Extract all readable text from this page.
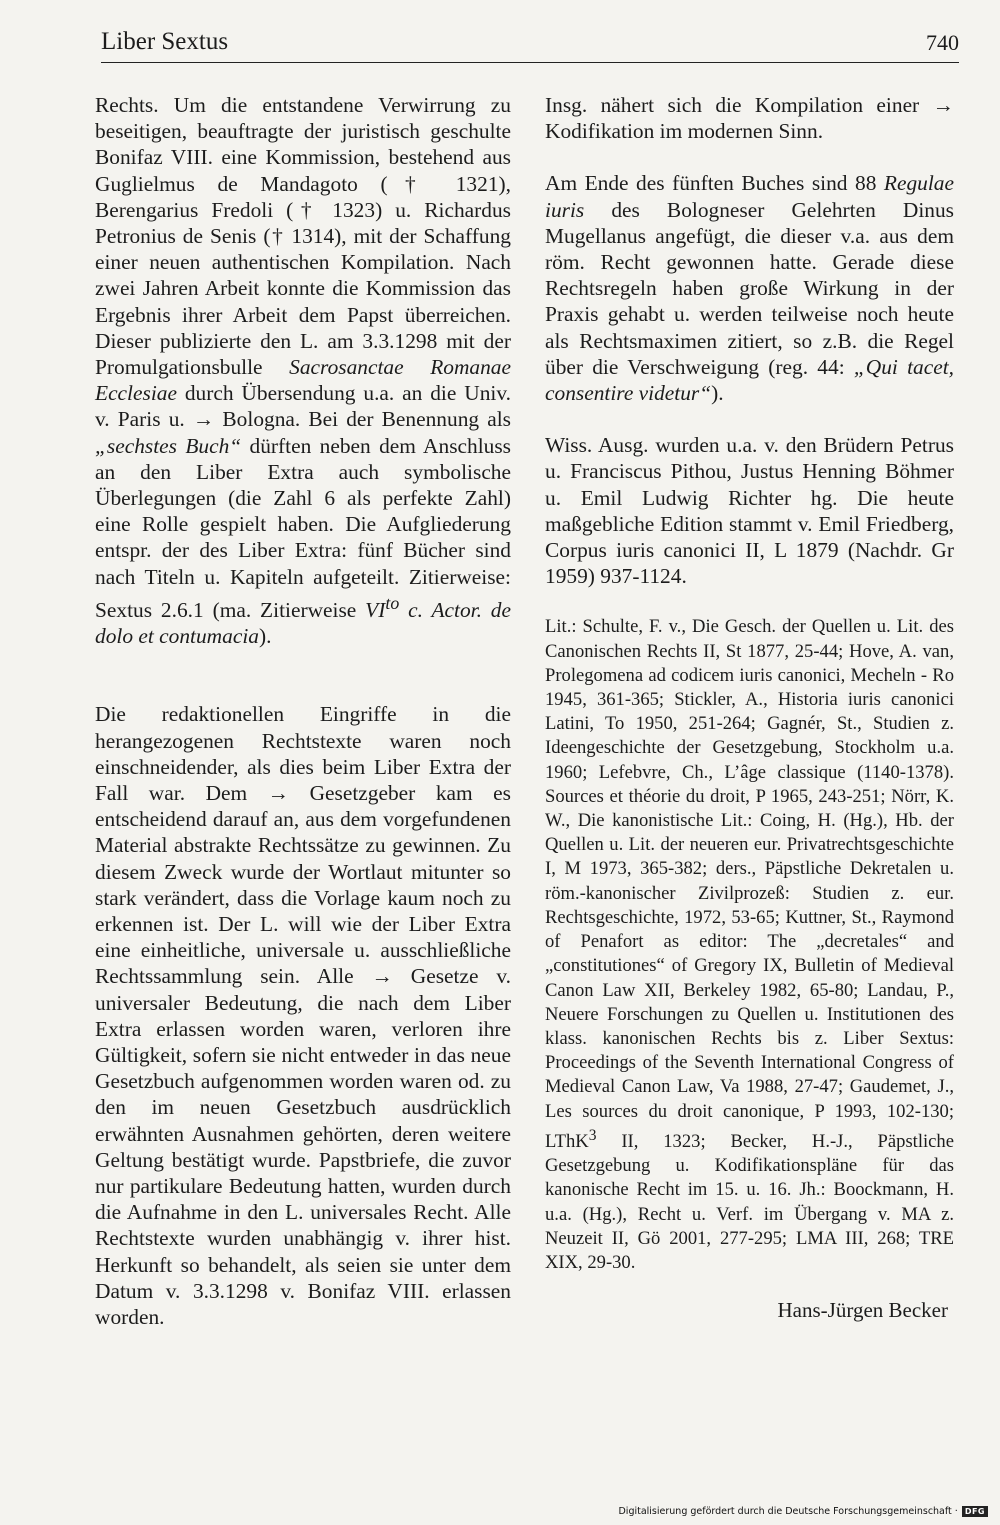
Liber Sextus	740

Rechts. Um die entstandene Verwirrung zu beseitigen, beauftragte der juristisch geschulte Bonifaz VIII. eine Kommission, bestehend aus Guglielmus de Mandagoto († 1321), Berengarius Fredoli († 1323) u. Richardus Petronius de Senis († 1314), mit der Schaffung einer neuen authentischen Kompilation. Nach zwei Jahren Arbeit konnte die Kommission das Ergebnis ihrer Arbeit dem Papst überreichen. Dieser publizierte den L. am 3.3.1298 mit der Promulgationsbulle Sacrosanctae Romanae Ecclesiae durch Übersendung u.a. an die Univ. v. Paris u. → Bologna. Bei der Benennung als „sechstes Buch“ dürften neben dem Anschluss an den Liber Extra auch symbolische Überlegungen (die Zahl 6 als perfekte Zahl) eine Rolle gespielt haben. Die Aufgliederung entspr. der des Liber Extra: fünf Bücher sind nach Titeln u. Kapiteln aufgeteilt. Zitierweise: Sextus 2.6.1 (ma. Zitierweise $VI^{to}$ c. Actor. de dolo et contumacia).

Die redaktionellen Eingriffe in die herangezogenen Rechtstexte waren noch einschneidender, als dies beim Liber Extra der Fall war. Dem → Gesetzgeber kam es entscheidend darauf an, aus dem vorgefundenen Material abstrakte Rechtssätze zu gewinnen. Zu diesem Zweck wurde der Wortlaut mitunter so stark verändert, dass die Vorlage kaum noch zu erkennen ist. Der L. will wie der Liber Extra eine einheitliche, universale u. ausschließliche Rechtssammlung sein. Alle → Gesetze v. universaler Bedeutung, die nach dem Liber Extra erlassen worden waren, verloren ihre Gültigkeit, sofern sie nicht entweder in das neue Gesetzbuch aufgenommen worden waren od. zu den im neuen Gesetzbuch ausdrücklich erwähnten Ausnahmen gehörten, deren weitere Geltung bestätigt wurde. Papstbriefe, die zuvor nur partikulare Bedeutung hatten, wurden durch die Aufnahme in den L. universales Recht. Alle Rechtstexte wurden unabhängig v. ihrer hist. Herkunft so behandelt, als seien sie unter dem Datum v. 3.3.1298 v. Bonifaz VIII. erlassen worden.

Insg. nähert sich die Kompilation einer → Kodifikation im modernen Sinn.

Am Ende des fünften Buches sind 88 Regulae iuris des Bologneser Gelehrten Dinus Mugellanus angefügt, die dieser v.a. aus dem röm. Recht gewonnen hatte. Gerade diese Rechtsregeln haben große Wirkung in der Praxis gehabt u. werden teilweise noch heute als Rechtsmaximen zitiert, so z.B. die Regel über die Verschweigung (reg. 44: „Qui tacet, consentire videtur“).

Wiss. Ausg. wurden u.a. v. den Brüdern Petrus u. Franciscus Pithou, Justus Henning Böhmer u. Emil Ludwig Richter hg. Die heute maßgebliche Edition stammt v. Emil Friedberg, Corpus iuris canonici II, L 1879 (Nachdr. Gr 1959) 937-1124.

Lit.: Schulte, F. v., Die Gesch. der Quellen u. Lit. des Canonischen Rechts II, St 1877, 25-44; Hove, A. van, Prolegomena ad codicem iuris canonici, Mecheln - Ro 1945, 361-365; Stickler, A., Historia iuris canonici Latini, To 1950, 251-264; Gagnér, St., Studien z. Ideengeschichte der Gesetzgebung, Stockholm u.a. 1960; Lefebvre, Ch., L’âge classique (1140-1378). Sources et théorie du droit, P 1965, 243-251; Nörr, K. W., Die kanonistische Lit.: Coing, H. (Hg.), Hb. der Quellen u. Lit. der neueren eur. Privatrechtsgeschichte I, M 1973, 365-382; ders., Päpstliche Dekretalen u. röm.-kanonischer Zivilprozeß: Studien z. eur. Rechtsgeschichte, 1972, 53-65; Kuttner, St., Raymond of Penafort as editor: The „decretales“ and „constitutiones“ of Gregory IX, Bulletin of Medieval Canon Law XII, Berkeley 1982, 65-80; Landau, P., Neuere Forschungen zu Quellen u. Institutionen des klass. kanonischen Rechts bis z. Liber Sextus: Proceedings of the Seventh International Congress of Medieval Canon Law, Va 1988, 27-47; Gaudemet, J., Les sources du droit canonique, P 1993, 102-130; LThK$^3$ II, 1323; Becker, H.-J., Päpstliche Gesetzgebung u. Kodifikationspläne für das kanonische Recht im 15. u. 16. Jh.: Boockmann, H. u.a. (Hg.), Recht u. Verf. im Übergang v. MA z. Neuzeit II, Gö 2001, 277-295; LMA III, 268; TRE XIX, 29-30.

Hans-Jürgen Becker
Digitalisierung gefördert durch die Deutsche Forschungsgemeinschaft · DFG
